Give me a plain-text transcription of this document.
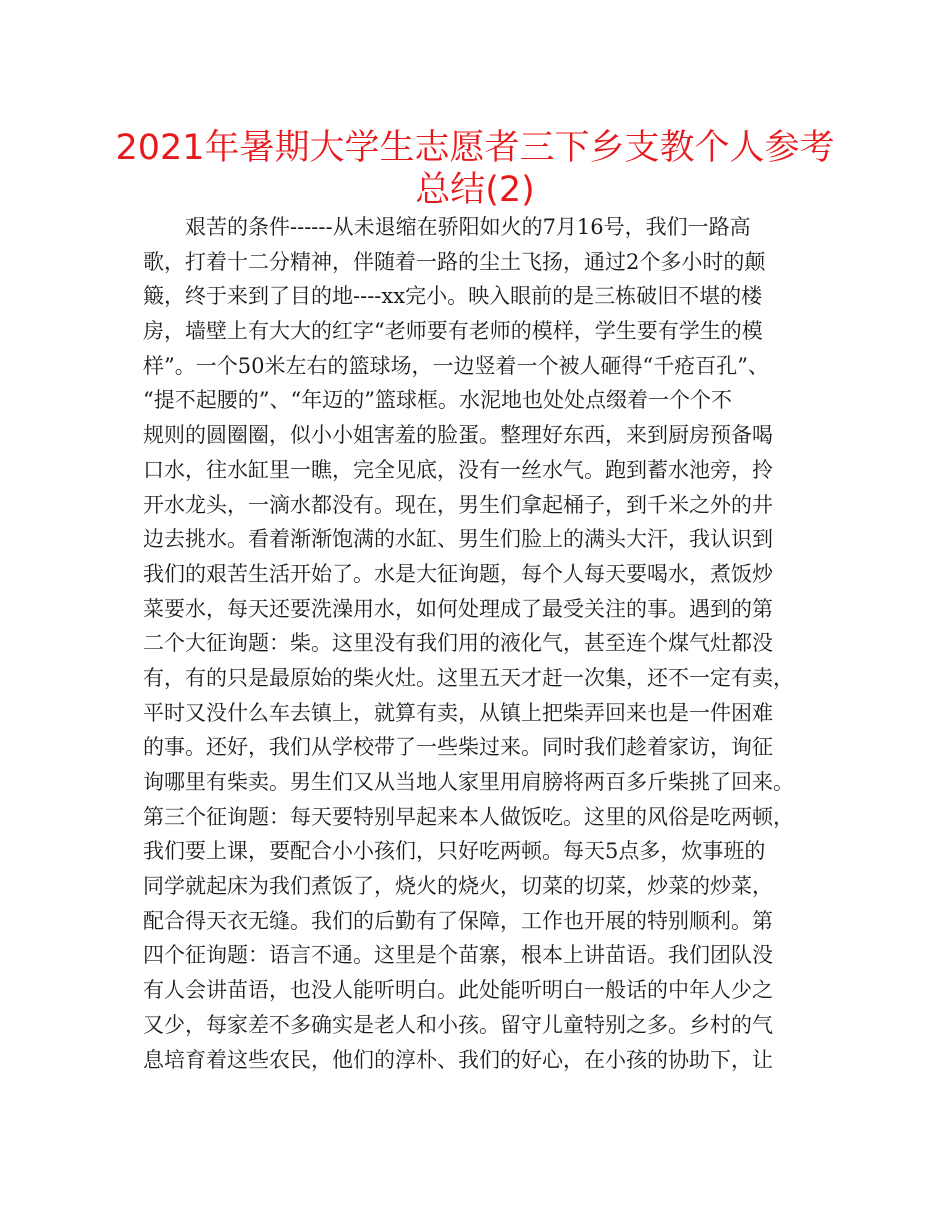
2021年暑期大学生志愿者三下乡支教个人参考
总结(2)
　　艰苦的条件------从未退缩在骄阳如火的7月16号，我们一路高
歌，打着十二分精神，伴随着一路的尘土飞扬，通过2个多小时的颠
簸，终于来到了目的地----xx完小。映入眼前的是三栋破旧不堪的楼
房，墙壁上有大大的红字“老师要有老师的模样，学生要有学生的模
样”。一个50米左右的篮球场，一边竖着一个被人砸得“千疮百孔”、
“提不起腰的”、“年迈的”篮球框。水泥地也处处点缀着一个个不
规则的圆圈圈，似小小姐害羞的脸蛋。整理好东西，来到厨房预备喝
口水，往水缸里一瞧，完全见底，没有一丝水气。跑到蓄水池旁，拎
开水龙头，一滴水都没有。现在，男生们拿起桶子，到千米之外的井
边去挑水。看着渐渐饱满的水缸、男生们脸上的满头大汗，我认识到
我们的艰苦生活开始了。水是大征询题，每个人每天要喝水，煮饭炒
菜要水，每天还要洗澡用水，如何处理成了最受关注的事。遇到的第
二个大征询题：柴。这里没有我们用的液化气，甚至连个煤气灶都没
有，有的只是最原始的柴火灶。这里五天才赶一次集，还不一定有卖，
平时又没什么车去镇上，就算有卖，从镇上把柴弄回来也是一件困难
的事。还好，我们从学校带了一些柴过来。同时我们趁着家访，询征
询哪里有柴卖。男生们又从当地人家里用肩膀将两百多斤柴挑了回来。
第三个征询题：每天要特别早起来本人做饭吃。这里的风俗是吃两顿，
我们要上课，要配合小小孩们，只好吃两顿。每天5点多，炊事班的
同学就起床为我们煮饭了，烧火的烧火，切菜的切菜，炒菜的炒菜，
配合得天衣无缝。我们的后勤有了保障，工作也开展的特别顺利。第
四个征询题：语言不通。这里是个苗寨，根本上讲苗语。我们团队没
有人会讲苗语，也没人能听明白。此处能听明白一般话的中年人少之
又少，每家差不多确实是老人和小孩。留守儿童特别之多。乡村的气
息培育着这些农民，他们的淳朴、我们的好心，在小孩的协助下，让
